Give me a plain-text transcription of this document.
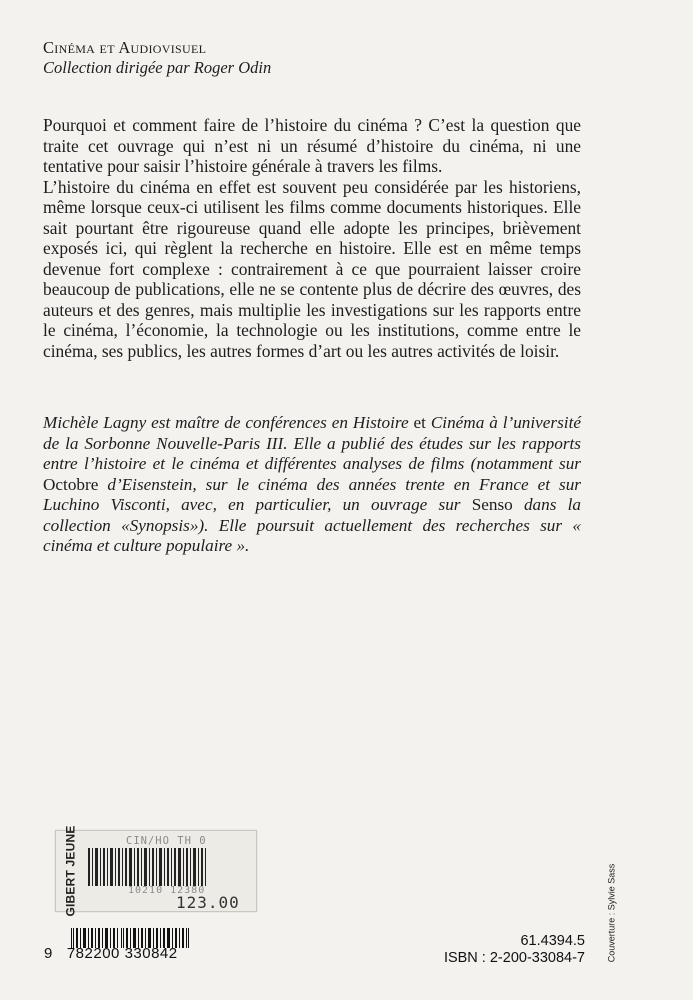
Cinéma et Audiovisuel
Collection dirigée par Roger Odin

Pourquoi et comment faire de l’histoire du cinéma ? C’est la question que traite cet ouvrage qui n’est ni un résumé d’histoire du cinéma, ni une tentative pour saisir l’histoire générale à travers les films.

L’histoire du cinéma en effet est souvent peu considérée par les historiens, même lorsque ceux-ci utilisent les films comme documents historiques. Elle sait pourtant être rigoureuse quand elle adopte les principes, brièvement exposés ici, qui règlent la recherche en histoire. Elle est en même temps devenue fort complexe : contrairement à ce que pourraient laisser croire beaucoup de publications, elle ne se contente plus de décrire des œuvres, des auteurs et des genres, mais multiplie les investigations sur les rapports entre le cinéma, l’économie, la technologie ou les institutions, comme entre le cinéma, ses publics, les autres formes d’art ou les autres activités de loisir.

Michèle Lagny est maître de conférences en Histoire et Cinéma à l’université de la Sorbonne Nouvelle-Paris III. Elle a publié des études sur les rapports entre l’histoire et le cinéma et différentes analyses de films (notamment sur Octobre d’Eisenstein, sur le cinéma des années trente en France et sur Luchino Visconti, avec, en particulier, un ouvrage sur Senso dans la collection «Synopsis»). Elle poursuit actuellement des recherches sur « cinéma et culture populaire ».

GIBERT JEUNE	CIN/HO TH 0
10210 12380
123.00
9 782200 330842
61.4394.5
ISBN : 2-200-33084-7 Couverture : Sylvie Sass
